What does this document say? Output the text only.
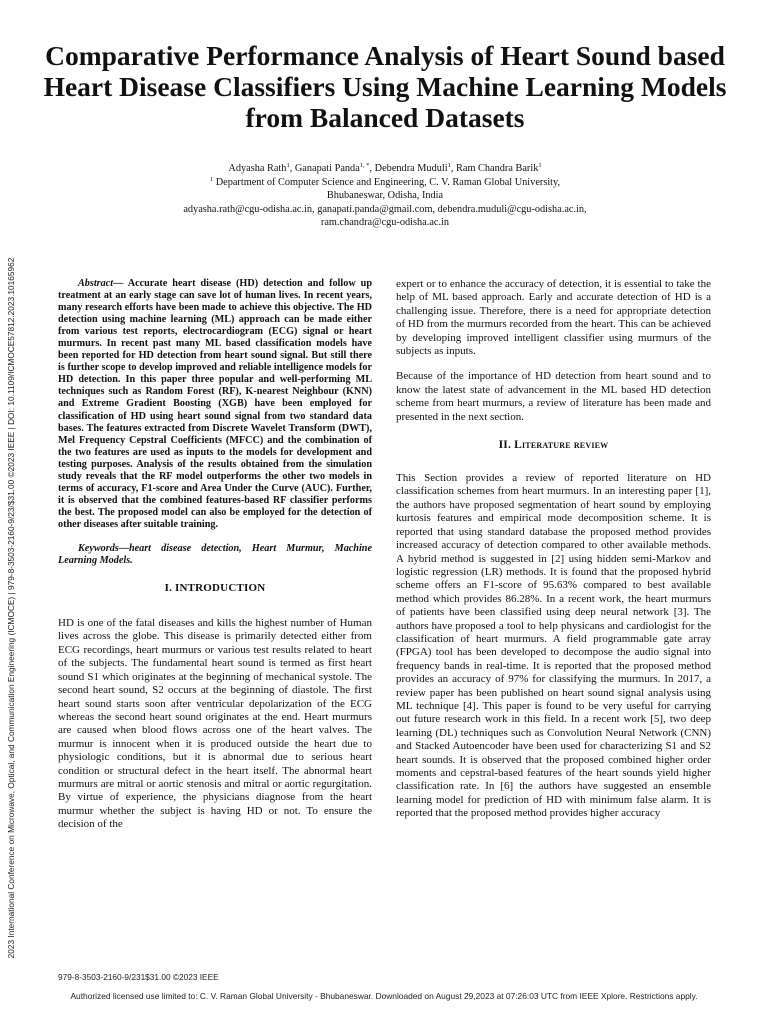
2023 International Conference on Microwave, Optical, and Communication Engineering (ICMOCE) | 979-8-3503-2160-9/23/$31.00 ©2023 IEEE | DOI: 10.1109/ICMOCE57812.2023.10165962
Comparative Performance Analysis of Heart Sound based Heart Disease Classifiers Using Machine Learning Models from Balanced Datasets
Adyasha Rath$^1$, Ganapati Panda$^{1, *}$, Debendra Muduli$^1$, Ram Chandra Barik$^1$
$^1$ Department of Computer Science and Engineering, C. V. Raman Global University,
Bhubaneswar, Odisha, India
adyasha.rath@cgu-odisha.ac.in, ganapati.panda@gmail.com, debendra.muduli@cgu-odisha.ac.in,
ram.chandra@cgu-odisha.ac.in

Abstract— Accurate heart disease (HD) detection and follow up treatment at an early stage can save lot of human lives. In recent years, many research efforts have been made to achieve this objective. The HD detection using machine learning (ML) approach can be made either from various test reports, electrocardiogram (ECG) signal or heart murmurs. In recent past many ML based classification models have been reported for HD detection from heart sound signal. But still there is further scope to develop improved and reliable intelligence models for HD detection. In this paper three popular and well-performing ML techniques such as Random Forest (RF), K-nearest Neighbour (KNN) and Extreme Gradient Boosting (XGB) have been employed for classification of HD using heart sound signal from two standard data bases. The features extracted from Discrete Wavelet Transform (DWT), Mel Frequency Cepstral Coefficients (MFCC) and the combination of the two features are used as inputs to the models for development and testing purposes. Analysis of the results obtained from the simulation study reveals that the RF model outperforms the other two models in terms of accuracy, F1-score and Area Under the Curve (AUC). Further, it is observed that the combined features-based RF classifier performs the best. The proposed model can also be employed for the detection of other diseases after suitable training.

Keywords—heart disease detection, Heart Murmur, Machine Learning Models.

I. INTRODUCTION

HD is one of the fatal diseases and kills the highest number of Human lives across the globe. This disease is primarily detected either from ECG recordings, heart murmurs or various test results related to heart of the subjects. The fundamental heart sound is termed as first heart sound S1 which originates at the beginning of mechanical systole. The second heart sound, S2 occurs at the beginning of diastole. The first heart sound starts soon after ventricular depolarization of the ECG whereas the second heart sound originates at the end. Heart murmurs are caused when blood flows across one of the heart valves. The murmur is innocent when it is produced outside the heart due to physiologic conditions, but it is abnormal due to serious heart condition or structural defect in the heart itself. The abnormal heart murmurs are mitral or aortic stenosis and mitral or aortic regurgitation. By virtue of experience, the physicians diagnose from the heart murmur whether the subject is having HD or not. To ensure the decision of the

expert or to enhance the accuracy of detection, it is essential to take the help of ML based approach. Early and accurate detection of HD is a challenging issue. Therefore, there is a need for appropriate detection of HD from the murmurs recorded from the heart. This can be achieved by developing improved intelligent classifier using murmurs of the subjects as inputs.

Because of the importance of HD detection from heart sound and to know the latest state of advancement in the ML based HD detection scheme from heart murmurs, a review of literature has been made and presented in the next section.

II. Literature review

This Section provides a review of reported literature on HD classification schemes from heart murmurs. In an interesting paper [1], the authors have proposed segmentation of heart sound by employing kurtosis features and empirical mode decomposition scheme. It is reported that using standard database the proposed method provides increased accuracy of detection compared to other available methods. A hybrid method is suggested in [2] using hidden semi-Markov and logistic regression (LR) methods. It is found that the proposed hybrid scheme offers an F1-score of 95.63% compared to best available method which provides 86.28%. In a recent work, the heart murmurs of patients have been classified using deep neural network [3]. The authors have proposed a tool to help physicans and cardiologist for the classification of heart murmurs. A field programmable gate array (FPGA) tool has been developed to decompose the audio signal into frequency bands in real-time. It is reported that the proposed method provides an accuracy of 97% for classifying the murmurs. In 2017, a review paper has been published on heart sound signal analysis using ML technique [4]. This paper is found to be very useful for carrying out future research work in this field. In a recent work [5], two deep learning (DL) techniques such as Convolution Neural Network (CNN) and Stacked Autoencoder have been used for characterizing S1 and S2 heart sounds. It is observed that the proposed combined higher order moments and cepstral-based features of the heart sounds yield higher classification rate. In [6] the authors have suggested an ensemble learning model for prediction of HD with minimum false alarm. It is reported that the proposed method provides higher accuracy

979-8-3503-2160-9/231$31.00 ©2023 IEEE
Authorized licensed use limited to: C. V. Raman Global University - Bhubaneswar. Downloaded on August 29,2023 at 07:26:03 UTC from IEEE Xplore. Restrictions apply.
